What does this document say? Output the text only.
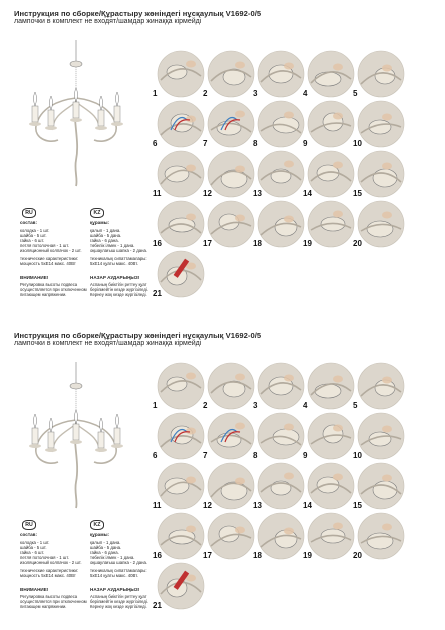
Инструкция по сборке/Құрастыру жөніндегі нұсқаулық V1692-0/5
лампочки в комплект не входят/шамдар жинаққа кірмейді
RU	KZ
состав:
колодка - 1 шт.
шайба - 5 шт.
гайка - 6 шт.
петля потолочная - 1 шт.
изоляционный колпачок - 2 шт.
технические характеристики:
мощность 5xE14 макс. 40Вт
құрамы:
қалып - 1 дана.
шайба - 5 дана.
гайка - 6 дана.
төбелік ілмек - 1 дана.
оқшаулағыш шапка - 2 дана.
техникалық сипаттамалары:
5xE14 қуаты макс. 40Вт.
ВНИМАНИЕ!
Регулировка высоты подвеса
осуществляется при отключенном
питающем напряжении.
НАЗАР АУДАРЫҢЫЗ!
Аспаның биіктігін реттеу қуат
берілмейтін кезде жүргізіледі.
Кернеу жоқ кезде жүргізіледі.
1	2	3	4	5
6	7	8	9	10
11	12	13	14	15
16	17	18	19	20
21
Инструкция по сборке/Құрастыру жөніндегі нұсқаулық V1692-0/5
лампочки в комплект не входят/шамдар жинаққа кірмейді
RU	KZ
состав:
колодка - 1 шт.
шайба - 5 шт.
гайка - 6 шт.
петля потолочная - 1 шт.
изоляционный колпачок - 2 шт.
технические характеристики:
мощность 5xE14 макс. 40Вт
құрамы:
қалып - 1 дана.
шайба - 5 дана.
гайка - 6 дана.
төбелік ілмек - 1 дана.
оқшаулағыш шапка - 2 дана.
техникалық сипаттамалары:
5xE14 қуаты макс. 40Вт.
ВНИМАНИЕ!
Регулировка высоты подвеса
осуществляется при отключенном
питающем напряжении.
НАЗАР АУДАРЫҢЫЗ!
Аспаның биіктігін реттеу қуат
берілмейтін кезде жүргізіледі.
Кернеу жоқ кезде жүргізіледі.
1	2	3	4	5
6	7	8	9	10
11	12	13	14	15
16	17	18	19	20
21
